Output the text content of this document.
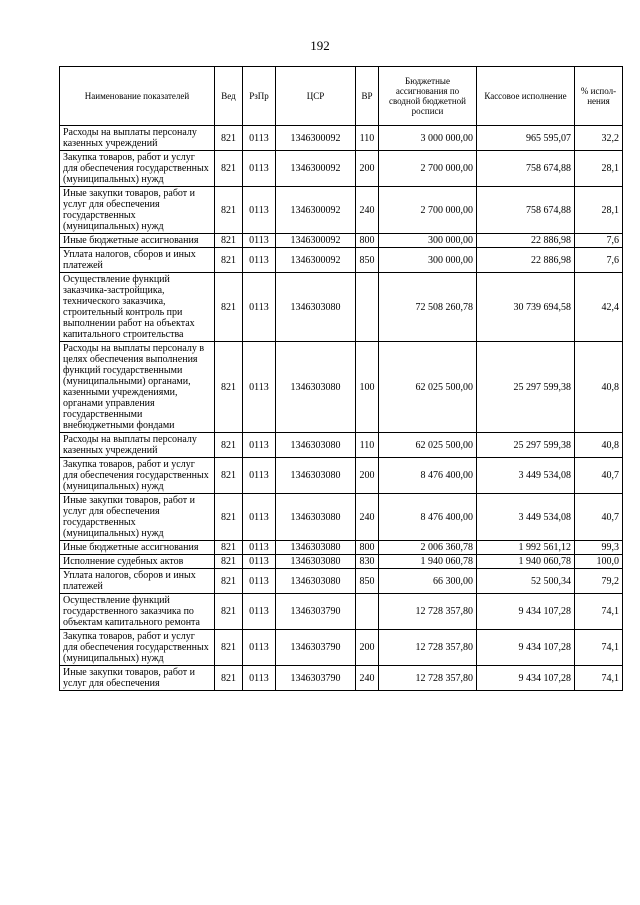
192
Наименование показателей	Вед	РзПр	ЦСР	ВР	Бюджетные ассигнования по сводной бюджетной росписи	Кассовое исполнение	% испол-нения
Расходы на выплаты персоналу казенных учреждений	821	0113	1346300092	110	3 000 000,00	965 595,07	32,2
Закупка товаров, работ и услуг для обеспечения государственных (муниципальных) нужд	821	0113	1346300092	200	2 700 000,00	758 674,88	28,1
Иные закупки товаров, работ и услуг для обеспечения государственных (муниципальных) нужд	821	0113	1346300092	240	2 700 000,00	758 674,88	28,1
Иные бюджетные ассигнования	821	0113	1346300092	800	300 000,00	22 886,98	7,6
Уплата налогов, сборов и иных платежей	821	0113	1346300092	850	300 000,00	22 886,98	7,6
Осуществление функций заказчика-застройщика, технического заказчика, строительный контроль при выполнении работ на объектах капитального строительства	821	0113	1346303080		72 508 260,78	30 739 694,58	42,4
Расходы на выплаты персоналу в целях обеспечения выполнения функций государственными (муниципальными) органами, казенными учреждениями, органами управления государственными внебюджетными фондами	821	0113	1346303080	100	62 025 500,00	25 297 599,38	40,8
Расходы на выплаты персоналу казенных учреждений	821	0113	1346303080	110	62 025 500,00	25 297 599,38	40,8
Закупка товаров, работ и услуг для обеспечения государственных (муниципальных) нужд	821	0113	1346303080	200	8 476 400,00	3 449 534,08	40,7
Иные закупки товаров, работ и услуг для обеспечения государственных (муниципальных) нужд	821	0113	1346303080	240	8 476 400,00	3 449 534,08	40,7
Иные бюджетные ассигнования	821	0113	1346303080	800	2 006 360,78	1 992 561,12	99,3
Исполнение судебных актов	821	0113	1346303080	830	1 940 060,78	1 940 060,78	100,0
Уплата налогов, сборов и иных платежей	821	0113	1346303080	850	66 300,00	52 500,34	79,2
Осуществление функций государственного заказчика по объектам капитального ремонта	821	0113	1346303790		12 728 357,80	9 434 107,28	74,1
Закупка товаров, работ и услуг для обеспечения государственных (муниципальных) нужд	821	0113	1346303790	200	12 728 357,80	9 434 107,28	74,1
Иные закупки товаров, работ и услуг для обеспечения	821	0113	1346303790	240	12 728 357,80	9 434 107,28	74,1
